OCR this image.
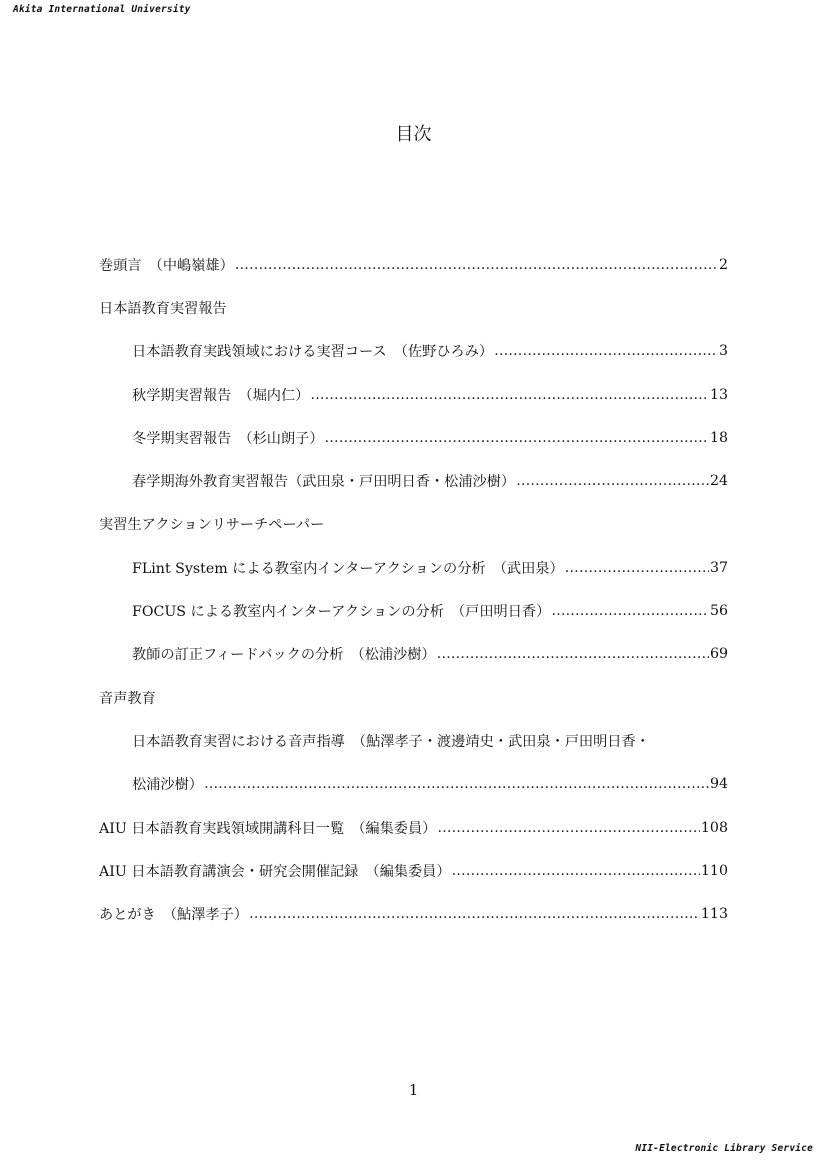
Akita International University
目次
巻頭言　（中嶋嶺雄） ……………………………………………………………………………………………………………………………………………………………………	2
日本語教育実習報告
日本語教育実践領域における実習コース　（佐野ひろみ） ……………………………………………………………………………………………………………………………………………………………………	3
秋学期実習報告　（堀内仁） ……………………………………………………………………………………………………………………………………………………………………	13
冬学期実習報告　（杉山朗子） ……………………………………………………………………………………………………………………………………………………………………	18
春学期海外教育実習報告（武田泉・戸田明日香・松浦沙樹） ……………………………………………………………………………………………………………………………………………………………………	24
実習生アクションリサーチペーパー
FLint System による教室内インターアクションの分析　（武田泉） ……………………………………………………………………………………………………………………………………………………………………	37
FOCUS による教室内インターアクションの分析　（戸田明日香） ……………………………………………………………………………………………………………………………………………………………………	56
教師の訂正フィードバックの分析　（松浦沙樹） ……………………………………………………………………………………………………………………………………………………………………	69
音声教育
日本語教育実習における音声指導　（鮎澤孝子・渡邊靖史・武田泉・戸田明日香・
松浦沙樹） ……………………………………………………………………………………………………………………………………………………………………	94
AIU 日本語教育実践領域開講科目一覧　（編集委員） ……………………………………………………………………………………………………………………………………………………………………	108
AIU 日本語教育講演会・研究会開催記録　（編集委員） ……………………………………………………………………………………………………………………………………………………………………	110
あとがき　（鮎澤孝子） ……………………………………………………………………………………………………………………………………………………………………	113
1
NII-Electronic Library Service
